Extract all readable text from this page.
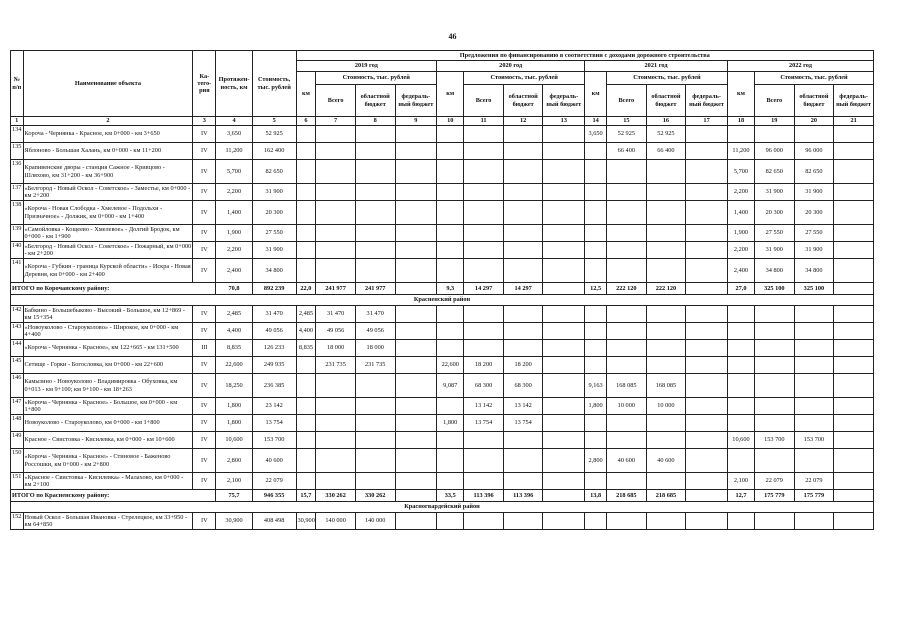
46
№ п/п	Наименование объекта	Ка-тего-рия	Протяжен-ность, км	Стоимость, тыс. рублей	Предложения по финансированию в соответствии с доходами дорожного строительства															
					2019 год				2020 год				2021 год				2022 год			
					км	Стоимость, тыс. рублей			км	Стоимость, тыс. рублей			км	Стоимость, тыс. рублей			км	Стоимость, тыс. рублей		
						Всего	областной бюджет	федераль-ный бюджет		Всего	областной бюджет	федераль-ный бюджет		Всего	областной бюджет	федераль-ный бюджет		Всего	областной бюджет	федераль-ный бюджет
1	2	3	4	5	6	7	8	9	10	11	12	13	14	15	16	17	18	19	20	21
134	Короча - Чернянка - Красное, км 0+000 - км 3+650	IV	3,650	52 925									3,650	52 925	52 925					
135	Яблоново - Большая Халань, км 0+000 - км 11+200	IV	11,200	162 400										66 400	66 400		11,200	96 000	96 000	
136	Крапивенские дворы - станция Сажное - Кривцово - Шляхово, км 31+200 - км 36+900	IV	5,700	82 650													5,700	82 650	82 650	
137	«Белгород - Новый Оскол - Советское» - Заместье, км 0+000 - км 2+200	IV	2,200	31 900													2,200	31 900	31 900	
138	«Короча - Новая Слободка - Хмелевое - Подольхи - Призначное» - Должик, км 0+000 - км 1+400	IV	1,400	20 300													1,400	20 300	20 300	
139	«Самойловка - Кощеево - Хмелевое» - Долгий Бродок, км 0+000 - км 1+900	IV	1,900	27 550													1,900	27 550	27 550	
140	«Белгород - Новый Оскол - Советское» - Пожарный, км 0+000 - км 2+200	IV	2,200	31 900													2,200	31 900	31 900	
141	«Короча - Губкин - граница Курской области» - Искра - Новая Деревня, км 0+000 - км 2+400	IV	2,400	34 800													2,400	34 800	34 800	
ИТОГО по Корочанскому району:			70,8	892 239	22,0	241 977	241 977		9,3	14 297	14 297		12,5	222 120	222 120		27,0	325 100	325 100	
Красненский район																				
142	Бабкино - Большебыково - Высокий - Большое, км 12+869 - км 15+354	IV	2,485	31 470	2,485	31 470	31 470													
143	«Новоуколово - Староуколово» - Широкое, км 0+000 - км 4+400	IV	4,400	49 056	4,400	49 056	49 056													
144	«Короча - Чернянка - Красное», км 122+665 - км 131+500	III	8,835	126 233	8,835	18 000	18 000													
145	Сетище - Горки - Богословка, км 0+000 - км 22+600	IV	22,600	249 935		231 735	231 735		22,600	18 200	18 200									
146	Камызино - Новоуколово - Владимировка - Обуховка, км 0+013 - км 9+100; км 9+100 - км 18+263	IV	18,250	236 385					9,087	68 300	68 300		9,163	168 085	168 085					
147	«Короча - Чернянка - Красное» - Большое, км 0+000 - км 1+800	IV	1,800	23 142						13 142	13 142		1,800	10 000	10 000					
148	Новоуколово - Староуколово, км 0+000 - км 1+800	IV	1,800	13 754					1,800	13 754	13 754									
149	Красное - Свистовка - Кисилевка, км 0+000 - км 10+600	IV	10,600	153 700													10,600	153 700	153 700	
150	«Короча - Чернянка - Красное» - Стиновое - Баженово Россошки, км 0+000 - км 2+800	IV	2,800	40 600									2,800	40 600	40 600					
151	«Красное - Свистовка - Кисилевка» - Малахово, км 0+000 - км 2+100	IV	2,100	22 079													2,100	22 079	22 079	
ИТОГО по Красненскому району:			75,7	946 355	15,7	330 262	330 262		33,5	113 396	113 396		13,8	218 685	218 685		12,7	175 779	175 779	
Красногвардейский район																				
152	Новый Оскол - Большая Ивановка - Стрелецкое, км 33+950 - км 64+850	IV	30,900	408 498	30,900	140 000	140 000													
